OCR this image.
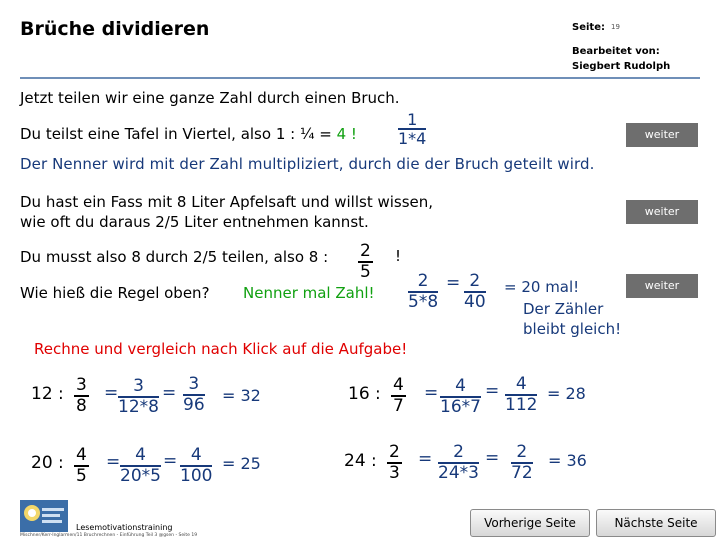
Brüche dividieren	Seite: 19
Bearbeitet von:
Siegbert Rudolph
Jetzt teilen wir eine ganze Zahl durch einen Bruch.
Du teilst eine Tafel in Viertel, also 1 : ¼ = 4 !	$\frac{1}{1*4}$	weiter
Der Nenner wird mit der Zahl multipliziert, durch die der Bruch geteilt wird.
Du hast ein Fass mit 8 Liter Apfelsaft und willst wissen,
wie oft du daraus 2/5 Liter entnehmen kannst.
weiter
Du musst also 8 durch 2/5 teilen, also 8 : $\frac{2}{5}$ !
Wie hieß die Regel oben? Nenner mal Zahl! $\frac{2}{5*8} = \frac{2}{40} = 20$ mal!
Der Zähler
bleibt gleich!
weiter
Rechne und vergleich nach Klick auf die Aufgabe!
12 : $\frac{3}{8} = \frac{3}{12*8} = \frac{3}{96} = 32$	16 : $\frac{4}{7} = \frac{4}{16*7} = \frac{4}{112} = 28$
20 : $\frac{4}{5} = \frac{4}{20*5} = \frac{4}{100} = 25$	24 : $\frac{2}{3} = \frac{2}{24*3} = \frac{2}{72} = 36$
Lesemotivationstraining
Mischner/Kerr-Inglarmen/11 Bruchrechnen - Einführung Teil 3 @gsen - Seite 19
Vorherige Seite	Nächste Seite
